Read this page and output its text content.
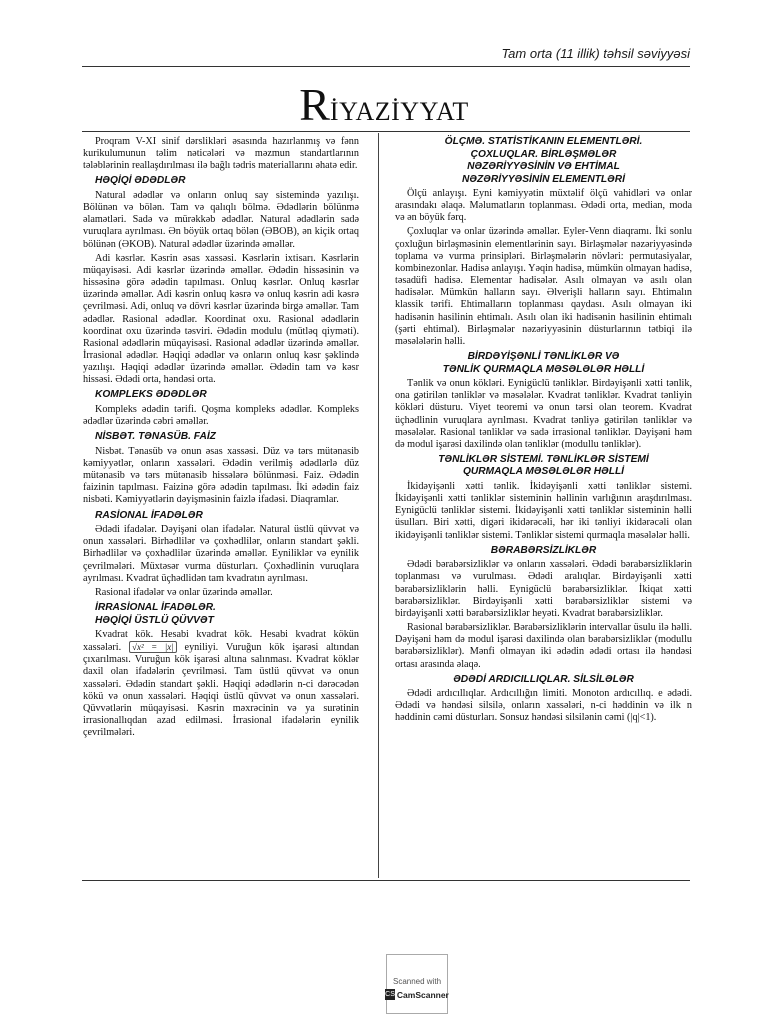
Tam orta (11 illik) təhsil səviyyəsi
RİYAZİYYAT

Proqram V-XI sinif dərslikləri əsasında hazırlanmış və fənn kurikulumunun təlim nəticələri və məzmun standartlarının tələblərinin reallaşdırılması ilə bağlı tədris materiallarını əhatə edir.

HƏQİQİ ƏDƏDLƏR

Natural ədədlər və onların onluq say sistemində yazılışı. Bölünən və bölən. Tam və qalıqlı bölmə. Ədədlərin bölünmə əlamətləri. Sadə və mürəkkəb ədədlər. Natural ədədlərin sadə vuruqlara ayrılması. Ən böyük ortaq bölən (ƏBOB), ən kiçik ortaq bölünən (ƏKOB). Natural ədədlər üzərində əməllər.

Adi kəsrlər. Kəsrin əsas xassəsi. Kəsrlərin ixtisarı. Kəsrlərin müqayisəsi. Adi kəsrlər üzərində əməllər. Ədədin hissəsinin və hissəsinə görə ədədin tapılması. Onluq kəsrlər. Onluq kəsrlər üzərində əməllər. Adi kəsrin onluq kəsrə və onluq kəsrin adi kəsrə çevrilməsi. Adi, onluq və dövri kəsrlər üzərində birgə əməllər. Tam ədədlər. Rasional ədədlər. Koordinat oxu. Rasional ədədlərin koordinat oxu üzərində təsviri. Ədədin modulu (mütləq qiyməti). Rasional ədədlərin müqayisəsi. Rasional ədədlər üzərində əməllər. İrrasional ədədlər. Həqiqi ədədlər və onların onluq kəsr şəklində yazılışı. Həqiqi ədədlər üzərində əməllər. Ədədin tam və kəsr hissəsi. Ədədi orta, həndəsi orta.

KOMPLEKS ƏDƏDLƏR

Kompleks ədədin tərifi. Qoşma kompleks ədədlər. Kompleks ədədlər üzərində cəbri əməllər.

NİSBƏT. TƏNASÜB. FAİZ

Nisbət. Tənasüb və onun əsas xassəsi. Düz və tərs mütənasib kəmiyyətlər, onların xassələri. Ədədin verilmiş ədədlərlə düz mütənasib və tərs mütənasib hissələrə bölünməsi. Faiz. Ədədin faizinin tapılması. Faizinə görə ədədin tapılması. İki ədədin faiz nisbəti. Kəmiyyətlərin dəyişməsinin faizlə ifadəsi. Diaqramlar.

RASİONAL İFADƏLƏR

Ədədi ifadələr. Dəyişəni olan ifadələr. Natural üstlü qüvvət və onun xassələri. Birhədlilər və çoxhədlilər, onların standart şəkli. Birhədlilər və çoxhədlilər üzərində əməllər. Eyniliklər və eynilik çevrilmələri. Müxtəsər vurma düsturları. Çoxhədlinin vuruqlara ayrılması. Kvadrat üçhədlidən tam kvadratın ayrılması.

Rasional ifadələr və onlar üzərində əməllər.

İRRASİONAL İFADƏLƏR.
HƏQİQİ ÜSTLÜ QÜVVƏT

Kvadrat kök. Hesabi kvadrat kök. Hesabi kvadrat kökün xassələri. √x² = |x| eyniliyi. Vuruğun kök işarəsi altından çıxarılması. Vuruğun kök işarəsi altına salınması. Kvadrat köklər daxil olan ifadələrin çevrilməsi. Tam üstlü qüvvət və onun xassələri. Ədədin standart şəkli. Həqiqi ədədlərin n-ci dərəcədən kökü və onun xassələri. Həqiqi üstlü qüvvət və onun xassələri. Qüvvətlərin müqayisəsi. Kəsrin məxrəcinin və ya surətinin irrasionallıqdan azad edilməsi. İrrasional ifadələrin eynilik çevrilmələri.

ÖLÇMƏ. STATİSTİKANIN ELEMENTLƏRİ.
ÇOXLUQLAR. BİRLƏŞMƏLƏR
NƏZƏRİYYƏSİNİN VƏ EHTİMAL
NƏZƏRİYYƏSİNİN ELEMENTLƏRİ

Ölçü anlayışı. Eyni kəmiyyətin müxtəlif ölçü vahidləri və onlar arasındakı əlaqə. Məlumatların toplanması. Ədədi orta, median, moda və ən böyük fərq.

Çoxluqlar və onlar üzərində əməllər. Eyler-Venn diaqramı. İki sonlu çoxluğun birləşməsinin elementlərinin sayı. Birləşmələr nəzəriyyəsində toplama və vurma prinsipləri. Birləşmələrin növləri: permutasiyalar, kombinezonlar. Hadisə anlayışı. Yəqin hadisə, mümkün olmayan hadisə, təsadüfi hadisə. Elementar hadisələr. Asılı olmayan və asılı olan hadisələr. Mümkün halların sayı. Əlverişli halların sayı. Ehtimalın klassik tərifi. Ehtimalların toplanması qaydası. Asılı olmayan iki hadisənin hasilinin ehtimalı. Asılı olan iki hadisənin hasilinin ehtimalı (şərti ehtimal). Birləşmələr nəzəriyyəsinin düsturlarının tətbiqi ilə məsələlərin həlli.

BİRDƏYİŞƏNLİ TƏNLİKLƏR VƏ
TƏNLİK QURMAQLA MƏSƏLƏLƏR HƏLLİ

Tənlik və onun kökləri. Eynigüclü tənliklər. Birdəyişənli xətti tənlik, ona gətirilən tənliklər və məsələlər. Kvadrat tənliklər. Kvadrat tənliyin kökləri düsturu. Viyet teoremi və onun tərsi olan teorem. Kvadrat üçhədlinin vuruqlara ayrılması. Kvadrat tənliyə gətirilən tənliklər və məsələlər. Rasional tənliklər və sadə irrasional tənliklər. Dəyişəni həm də modul işarəsi daxilində olan tənliklər (modullu tənliklər).

TƏNLİKLƏR SİSTEMİ. TƏNLİKLƏR SİSTEMİ
QURMAQLA MƏSƏLƏLƏR HƏLLİ

İkidəyişənli xətti tənlik. İkidəyişənli xətti tənliklər sistemi. İkidəyişənli xətti tənliklər sisteminin həllinin varlığının araşdırılması. Eynigüclü tənliklər sistemi. İkidəyişənli xətti tənliklər sisteminin həlli üsulları. Biri xətti, digəri ikidərəcəli, hər iki tənliyi ikidərəcəli olan ikidəyişənli tənliklər sistemi. Tənliklər sistemi qurmaqla məsələlər həlli.

BƏRABƏRSİZLİKLƏR

Ədədi bərabərsizliklər və onların xassələri. Ədədi bərabərsizliklərin toplanması və vurulması. Ədədi aralıqlar. Birdəyişənli xətti bərabərsizliklərin həlli. Eynigüclü bərabərsizliklər. İkiqat xətti bərabərsizliklər. Birdəyişənli xətti bərabərsizliklər sistemi və birdəyişənli xətti bərabərsizliklər heyəti. Kvadrat bərabərsizliklər.

Rasional bərabərsizliklər. Bərabərsizliklərin intervallar üsulu ilə həlli. Dəyişəni həm də modul işarəsi daxilində olan bərabərsizliklər (modullu bərabərsizliklər). Mənfi olmayan iki ədədin ədədi ortası ilə həndəsi ortası arasında əlaqə.

ƏDƏDİ ARDICILLIQLAR. SİLSİLƏLƏR

Ədədi ardıcıllıqlar. Ardıcıllığın limiti. Monoton ardıcıllıq. e ədədi. Ədədi və həndəsi silsilə, onların xassələri, n-ci həddinin və ilk n həddinin cəmi düsturları. Sonsuz həndəsi silsilənin cəmi (|q|<1).

Scanned with
CS CamScanner
